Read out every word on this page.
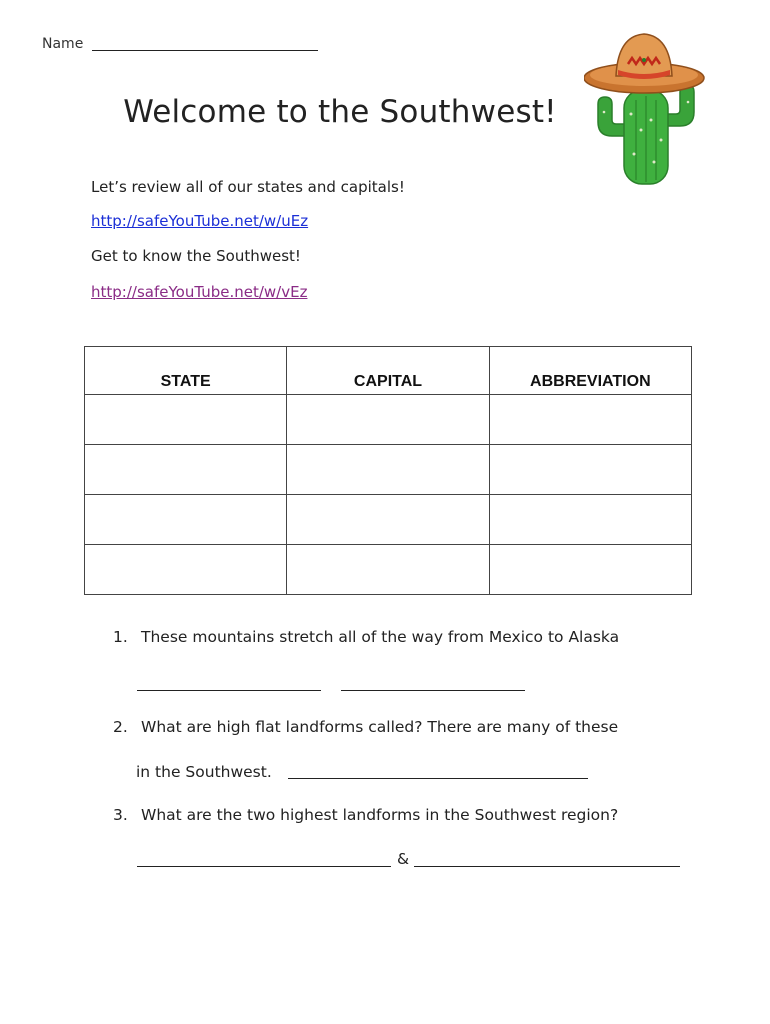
Name
Welcome to the Southwest!
Let’s review all of our states and capitals!
http://safeYouTube.net/w/uEz
Get to know the Southwest!
http://safeYouTube.net/w/vEz
STATE	CAPITAL	ABBREVIATION

1. These mountains stretch all of the way from Mexico to Alaska
2. What are high flat landforms called? There are many of these
in the Southwest.
3. What are the two highest landforms in the Southwest region?
&
